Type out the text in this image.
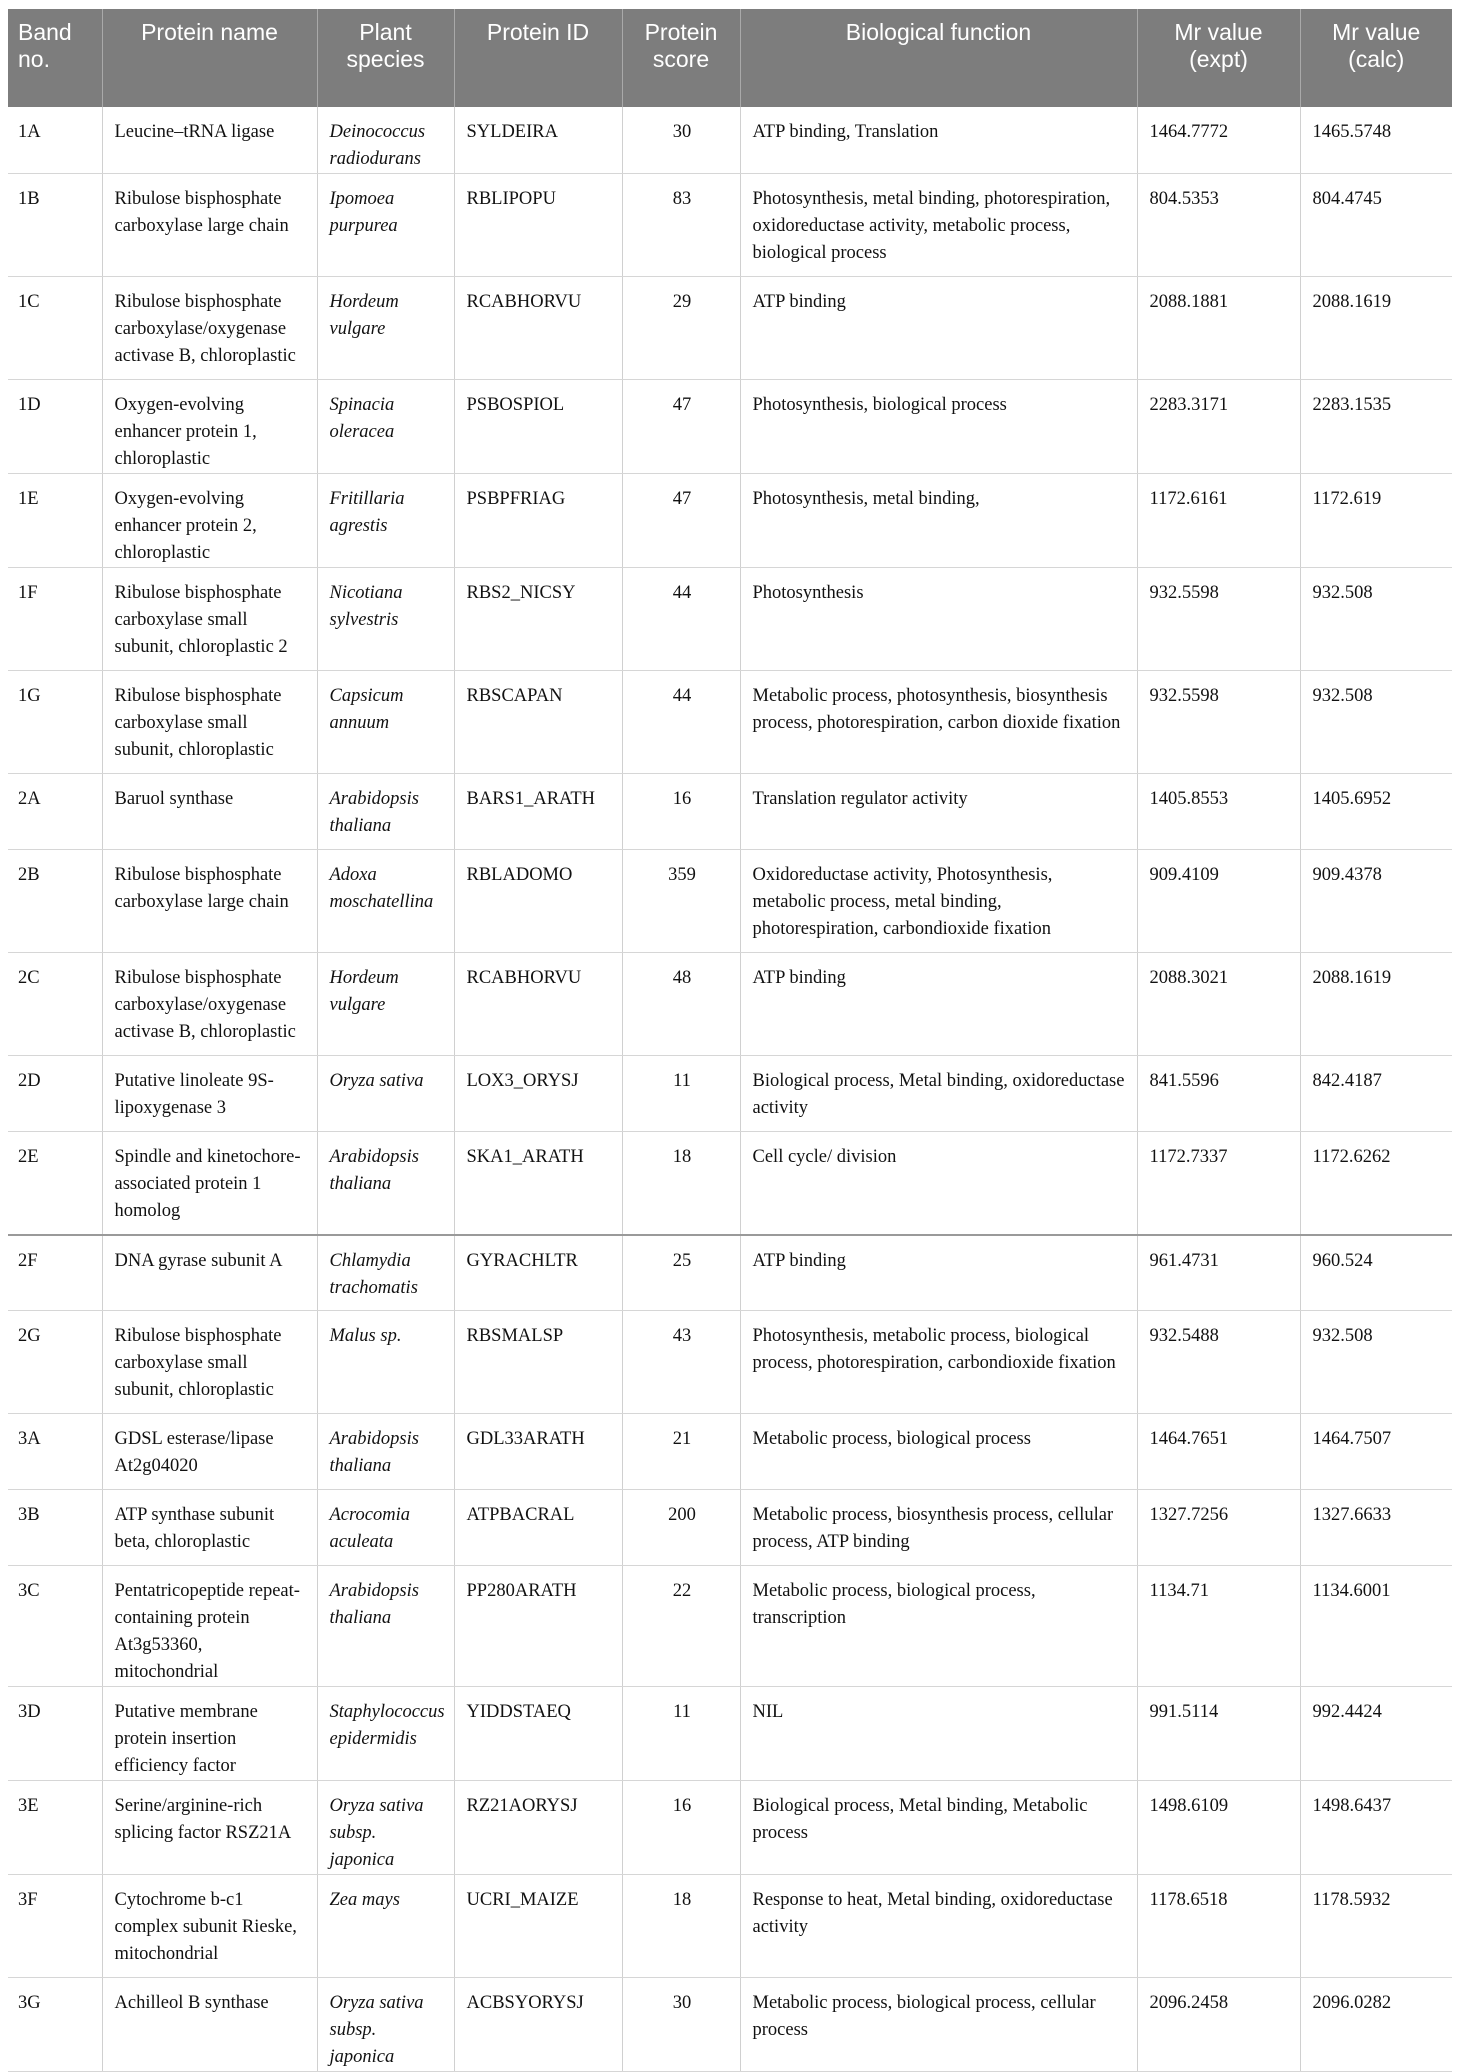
Band no.	Protein name	Plant species	Protein ID	Protein score	Biological function	Mr value (expt)	Mr value (calc)
1A	Leucine–tRNA ligase	Deinococcus radiodurans	SYLDEIRA	30	ATP binding, Translation	1464.7772	1465.5748
1B	Ribulose bisphosphate carboxylase large chain	Ipomoea purpurea	RBLIPOPU	83	Photosynthesis, metal binding, photorespiration, oxidoreductase activity, metabolic process, biological process	804.5353	804.4745
1C	Ribulose bisphosphate carboxylase/oxygenase activase B, chloroplastic	Hordeum vulgare	RCABHORVU	29	ATP binding	2088.1881	2088.1619
1D	Oxygen-evolving enhancer protein 1, chloroplastic	Spinacia oleracea	PSBOSPIOL	47	Photosynthesis, biological process	2283.3171	2283.1535
1E	Oxygen-evolving enhancer protein 2, chloroplastic	Fritillaria agrestis	PSBPFRIAG	47	Photosynthesis, metal binding,	1172.6161	1172.619
1F	Ribulose bisphosphate carboxylase small subunit, chloroplastic 2	Nicotiana sylvestris	RBS2_NICSY	44	Photosynthesis	932.5598	932.508
1G	Ribulose bisphosphate carboxylase small subunit, chloroplastic	Capsicum annuum	RBSCAPAN	44	Metabolic process, photosynthesis, biosynthesis process, photorespiration, carbon dioxide fixation	932.5598	932.508
2A	Baruol synthase	Arabidopsis thaliana	BARS1_ARATH	16	Translation regulator activity	1405.8553	1405.6952
2B	Ribulose bisphosphate carboxylase large chain	Adoxa moschatellina	RBLADOMO	359	Oxidoreductase activity, Photosynthesis, metabolic process, metal binding, photorespiration, carbondioxide fixation	909.4109	909.4378
2C	Ribulose bisphosphate carboxylase/oxygenase activase B, chloroplastic	Hordeum vulgare	RCABHORVU	48	ATP binding	2088.3021	2088.1619
2D	Putative linoleate 9S-lipoxygenase 3	Oryza sativa	LOX3_ORYSJ	11	Biological process, Metal binding, oxidoreductase activity	841.5596	842.4187
2E	Spindle and kinetochore-associated protein 1 homolog	Arabidopsis thaliana	SKA1_ARATH	18	Cell cycle/ division	1172.7337	1172.6262
2F	DNA gyrase subunit A	Chlamydia trachomatis	GYRACHLTR	25	ATP binding	961.4731	960.524
2G	Ribulose bisphosphate carboxylase small subunit, chloroplastic	Malus sp.	RBSMALSP	43	Photosynthesis, metabolic process, biological process, photorespiration, carbondioxide fixation	932.5488	932.508
3A	GDSL esterase/lipase At2g04020	Arabidopsis thaliana	GDL33ARATH	21	Metabolic process, biological process	1464.7651	1464.7507
3B	ATP synthase subunit beta, chloroplastic	Acrocomia aculeata	ATPBACRAL	200	Metabolic process, biosynthesis process, cellular process, ATP binding	1327.7256	1327.6633
3C	Pentatricopeptide repeat-containing protein At3g53360, mitochondrial	Arabidopsis thaliana	PP280ARATH	22	Metabolic process, biological process, transcription	1134.71	1134.6001
3D	Putative membrane protein insertion efficiency factor	Staphylococcus epidermidis	YIDDSTAEQ	11	NIL	991.5114	992.4424
3E	Serine/arginine-rich splicing factor RSZ21A	Oryza sativa subsp. japonica	RZ21AORYSJ	16	Biological process, Metal binding, Metabolic process	1498.6109	1498.6437
3F	Cytochrome b-c1 complex subunit Rieske, mitochondrial	Zea mays	UCRI_MAIZE	18	Response to heat, Metal binding, oxidoreductase activity	1178.6518	1178.5932
3G	Achilleol B synthase	Oryza sativa subsp. japonica	ACBSYORYSJ	30	Metabolic process, biological process, cellular process	2096.2458	2096.0282
